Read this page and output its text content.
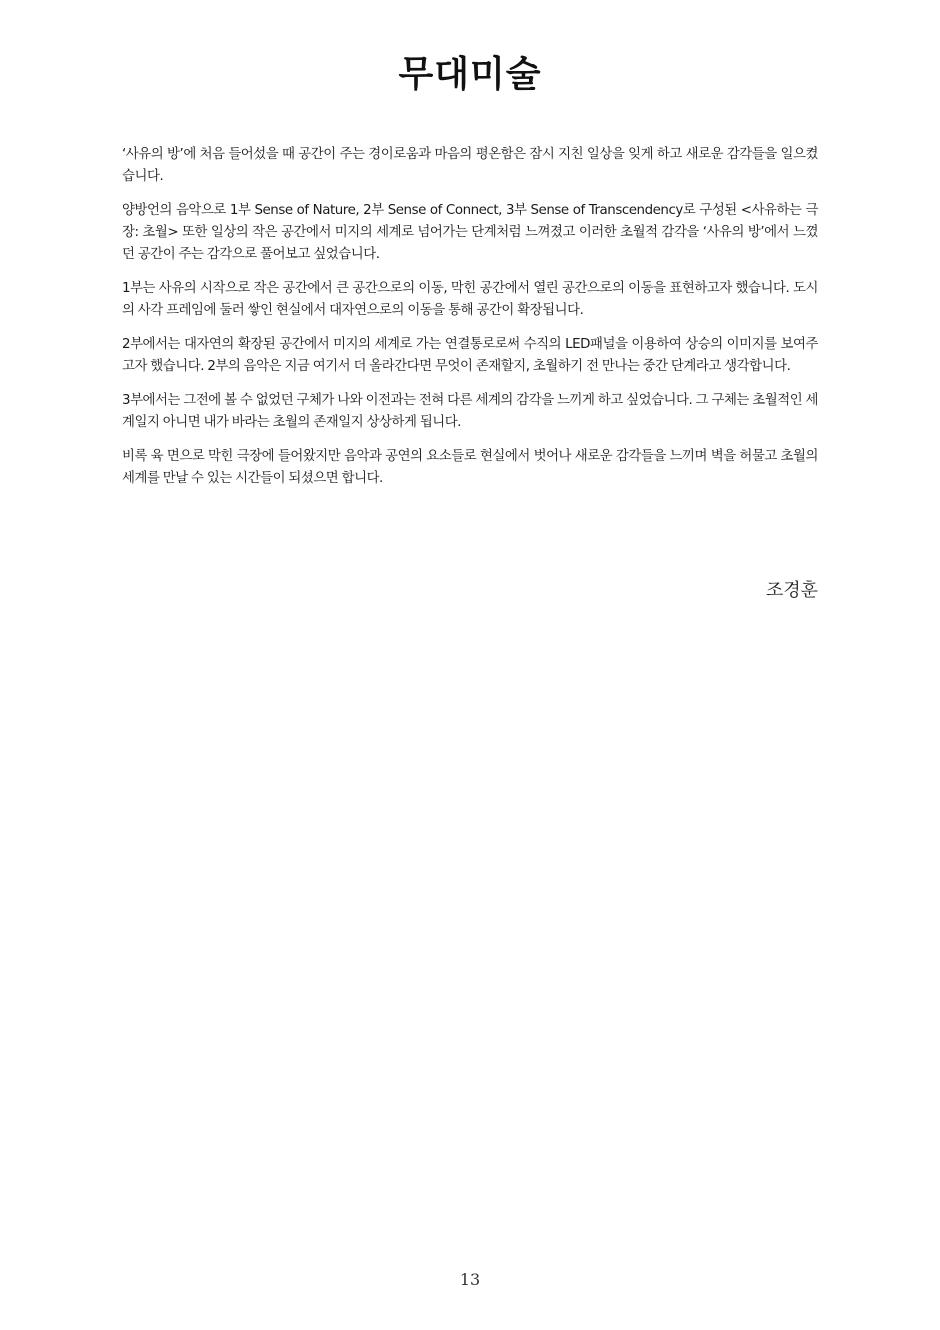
무대미술

‘사유의 방’에 처음 들어섰을 때 공간이 주는 경이로움과 마음의 평온함은 잠시 지친 일상을 잊게 하고 새로운 감각들을 일으켰습니다.

양방언의 음악으로 1부 Sense of Nature, 2부 Sense of Connect, 3부 Sense of Transcendency로 구성된 <사유하는 극장: 초월> 또한 일상의 작은 공간에서 미지의 세계로 넘어가는 단계처럼 느껴졌고 이러한 초월적 감각을 ‘사유의 방’에서 느꼈던 공간이 주는 감각으로 풀어보고 싶었습니다.

1부는 사유의 시작으로 작은 공간에서 큰 공간으로의 이동, 막힌 공간에서 열린 공간으로의 이동을 표현하고자 했습니다. 도시의 사각 프레임에 둘러 쌓인 현실에서 대자연으로의 이동을 통해 공간이 확장됩니다.

2부에서는 대자연의 확장된 공간에서 미지의 세계로 가는 연결통로로써 수직의 LED패널을 이용하여 상승의 이미지를 보여주고자 했습니다. 2부의 음악은 지금 여기서 더 올라간다면 무엇이 존재할지, 초월하기 전 만나는 중간 단계라고 생각합니다.

3부에서는 그전에 볼 수 없었던 구체가 나와 이전과는 전혀 다른 세계의 감각을 느끼게 하고 싶었습니다. 그 구체는 초월적인 세계일지 아니면 내가 바라는 초월의 존재일지 상상하게 됩니다.

비록 육 면으로 막힌 극장에 들어왔지만 음악과 공연의 요소들로 현실에서 벗어나 새로운 감각들을 느끼며 벽을 허물고 초월의 세계를 만날 수 있는 시간들이 되셨으면 합니다.

조경훈

13
